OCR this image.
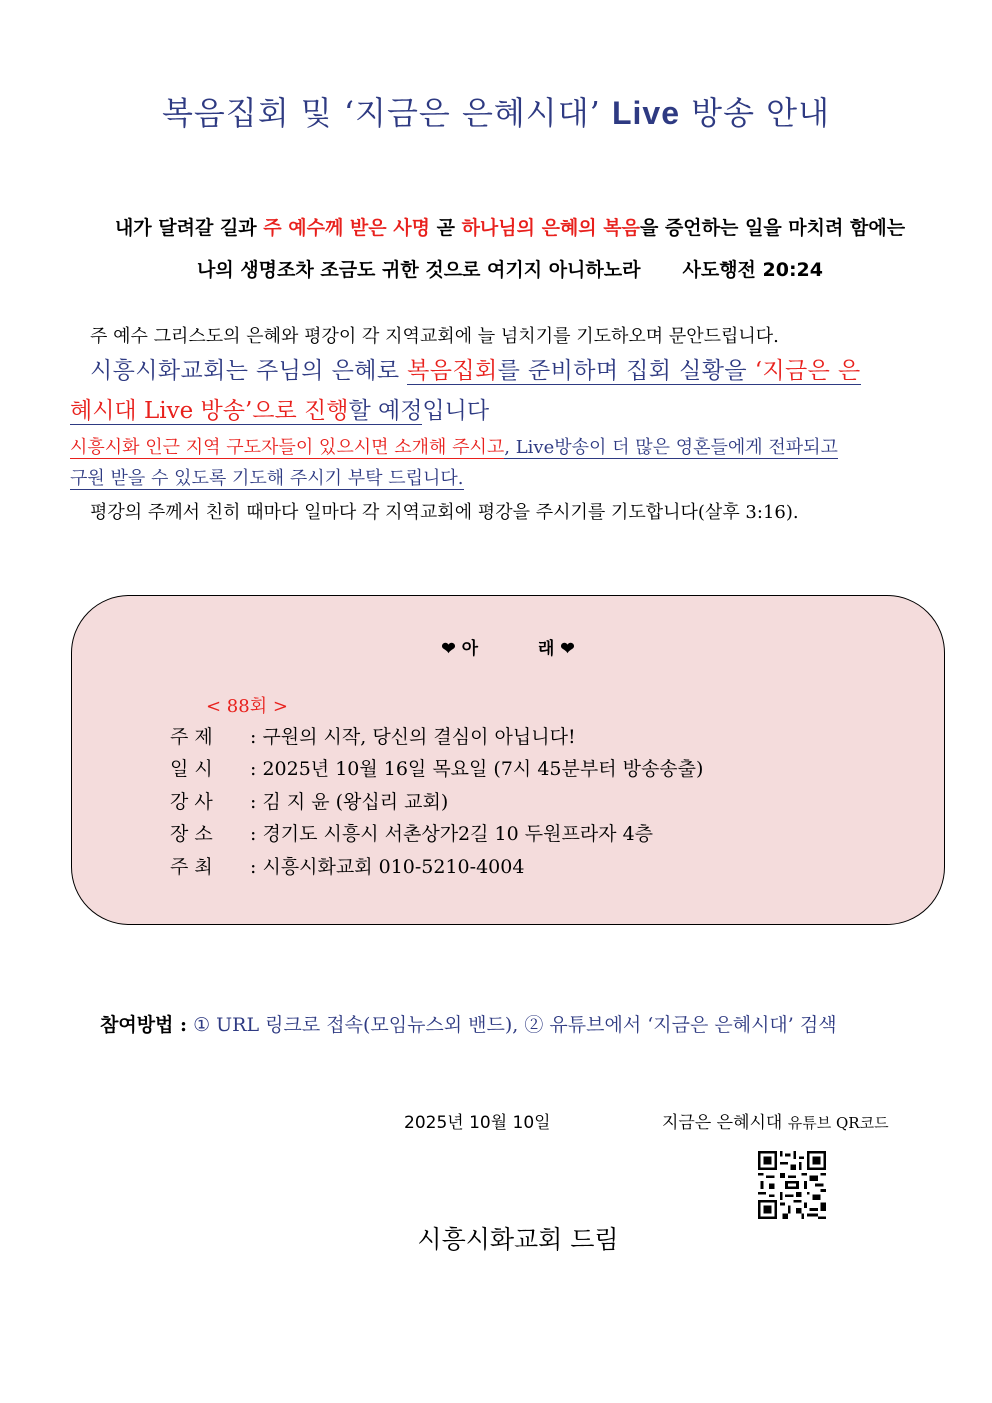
복음집회 및 ‘지금은 은혜시대’ Live 방송 안내
내가 달려갈 길과 주 예수께 받은 사명 곧 하나님의 은혜의 복음을 증언하는 일을 마치려 함에는
나의 생명조차 조금도 귀한 것으로 여기지 아니하노라 사도행전 20:24
주 예수 그리스도의 은혜와 평강이 각 지역교회에 늘 넘치기를 기도하오며 문안드립니다.
시흥시화교회는 주님의 은혜로 복음집회를 준비하며 집회 실황을 ‘지금은 은
혜시대 Live 방송’으로 진행할 예정입니다
시흥시화 인근 지역 구도자들이 있으시면 소개해 주시고, Live방송이 더 많은 영혼들에게 전파되고
구원 받을 수 있도록 기도해 주시기 부탁 드립니다.
평강의 주께서 친히 때마다 일마다 각 지역교회에 평강을 주시기를 기도합니다(살후 3:16).
❤ 아	래 ❤
< 88회 >
주 제 : 구원의 시작, 당신의 결심이 아닙니다!
일 시 : 2025년 10월 16일 목요일 (7시 45분부터 방송송출)
강 사 : 김 지 윤 (왕십리 교회)
장 소 : 경기도 시흥시 서촌상가2길 10 두원프라자 4층
주 최 : 시흥시화교회 010-5210-4004
참여방법 : ① URL 링크로 접속(모임뉴스외 밴드), ② 유튜브에서 ‘지금은 은혜시대’ 검색
2025년 10월 10일	지금은 은혜시대 유튜브 QR코드
시흥시화교회 드림
